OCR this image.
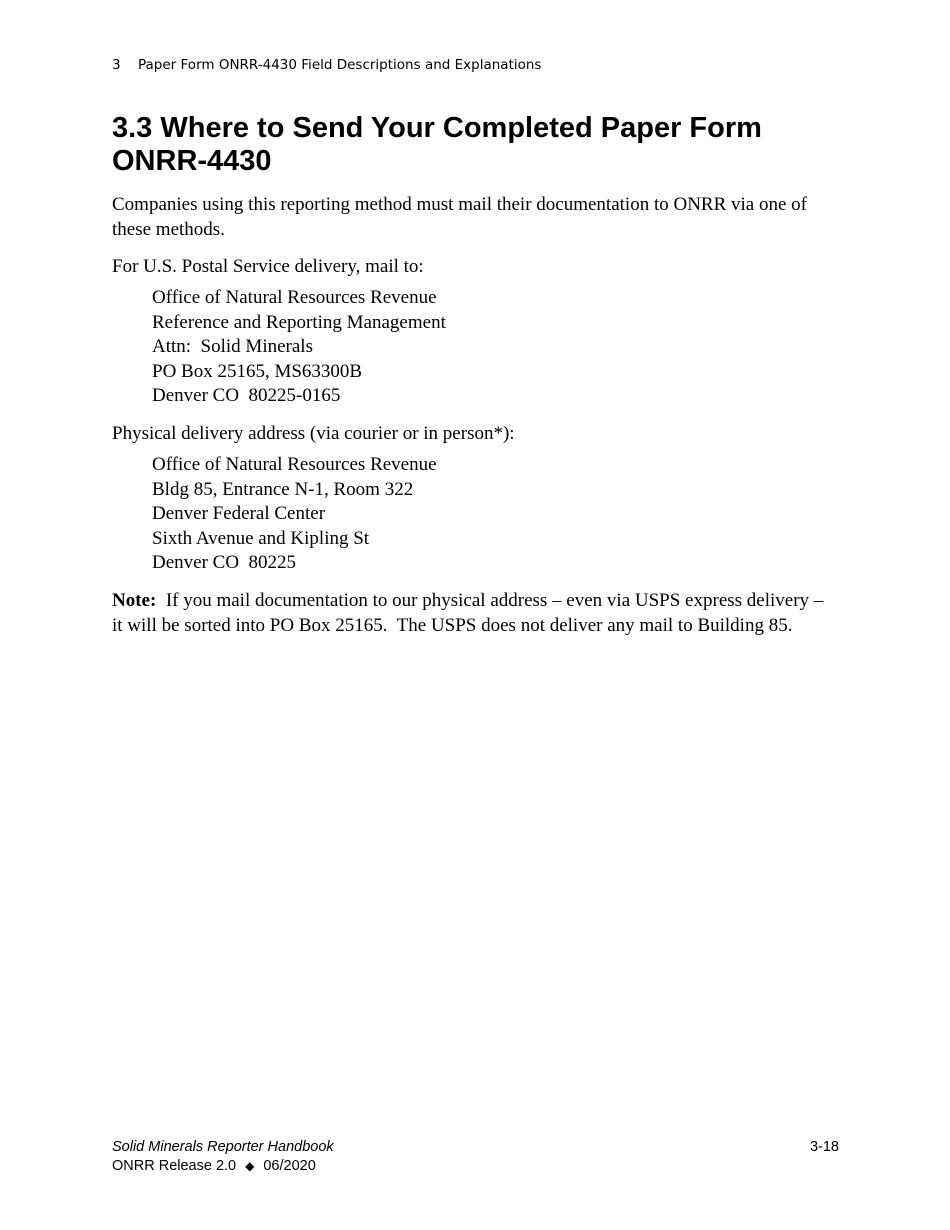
3 Paper Form ONRR-4430 Field Descriptions and Explanations
3.3 Where to Send Your Completed Paper Form ONRR-4430

Companies using this reporting method must mail their documentation to ONRR via one of these methods.

For U.S. Postal Service delivery, mail to:

Office of Natural Resources Revenue
Reference and Reporting Management
Attn:  Solid Minerals
PO Box 25165, MS63300B
Denver CO  80225-0165

Physical delivery address (via courier or in person*):

Office of Natural Resources Revenue
Bldg 85, Entrance N-1, Room 322
Denver Federal Center
Sixth Avenue and Kipling St
Denver CO  80225

Note:  If you mail documentation to our physical address – even via USPS express delivery – it will be sorted into PO Box 25165.  The USPS does not deliver any mail to Building 85.

Solid Minerals Reporter Handbook
ONRR Release 2.0 ◆ 06/2020
3-18
